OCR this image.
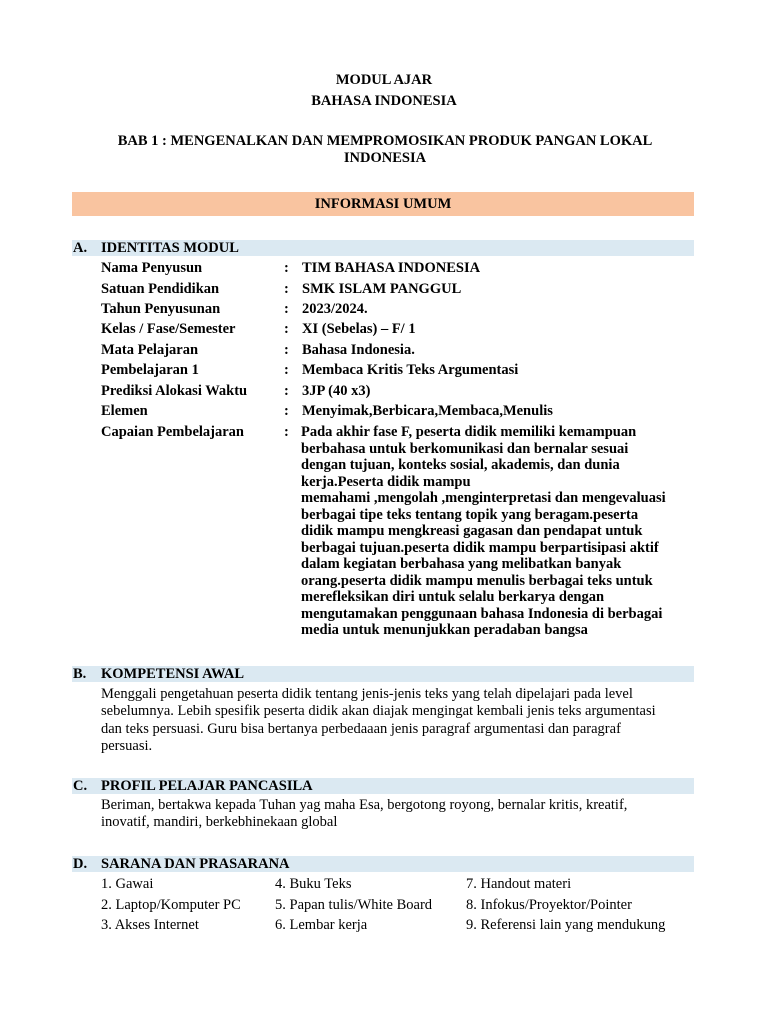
MODUL AJAR
BAHASA INDONESIA
BAB 1 : MENGENALKAN DAN MEMPROMOSIKAN PRODUK PANGAN LOKAL
INDONESIA
INFORMASI UMUM
A. IDENTITAS MODUL
Nama Penyusun	: TIM BAHASA INDONESIA
Satuan Pendidikan	: SMK ISLAM PANGGUL
Tahun Penyusunan	: 2023/2024.
Kelas / Fase/Semester	: XI (Sebelas) – F/ 1
Mata Pelajaran	: Bahasa Indonesia.
Pembelajaran 1	: Membaca Kritis Teks Argumentasi
Prediksi Alokasi Waktu	: 3JP (40 x3)
Elemen	: Menyimak,Berbicara,Membaca,Menulis
Capaian Pembelajaran	: Pada akhir fase F, peserta didik memiliki kemampuan
berbahasa untuk berkomunikasi dan bernalar sesuai
dengan tujuan, konteks sosial, akademis, dan dunia
kerja.Peserta didik mampu
memahami ,mengolah ,menginterpretasi dan mengevaluasi
berbagai tipe teks tentang topik yang beragam.peserta
didik mampu mengkreasi gagasan dan pendapat untuk
berbagai tujuan.peserta didik mampu berpartisipasi aktif
dalam kegiatan berbahasa yang melibatkan banyak
orang.peserta didik mampu menulis berbagai teks untuk
merefleksikan diri untuk selalu berkarya dengan
mengutamakan penggunaan bahasa Indonesia di berbagai
media untuk menunjukkan peradaban bangsa
B. KOMPETENSI AWAL
Menggali pengetahuan peserta didik tentang jenis-jenis teks yang telah dipelajari pada level
sebelumnya. Lebih spesifik peserta didik akan diajak mengingat kembali jenis teks argumentasi
dan teks persuasi. Guru bisa bertanya perbedaaan jenis paragraf argumentasi dan paragraf
persuasi.
C. PROFIL PELAJAR PANCASILA
Beriman, bertakwa kepada Tuhan yag maha Esa, bergotong royong, bernalar kritis, kreatif,
inovatif, mandiri, berkebhinekaan global
D. SARANA DAN PRASARANA
1. Gawai
2. Laptop/Komputer PC
3. Akses Internet
4. Buku Teks
5. Papan tulis/White Board
6. Lembar kerja
7. Handout materi
8. Infokus/Proyektor/Pointer
9. Referensi lain yang mendukung
